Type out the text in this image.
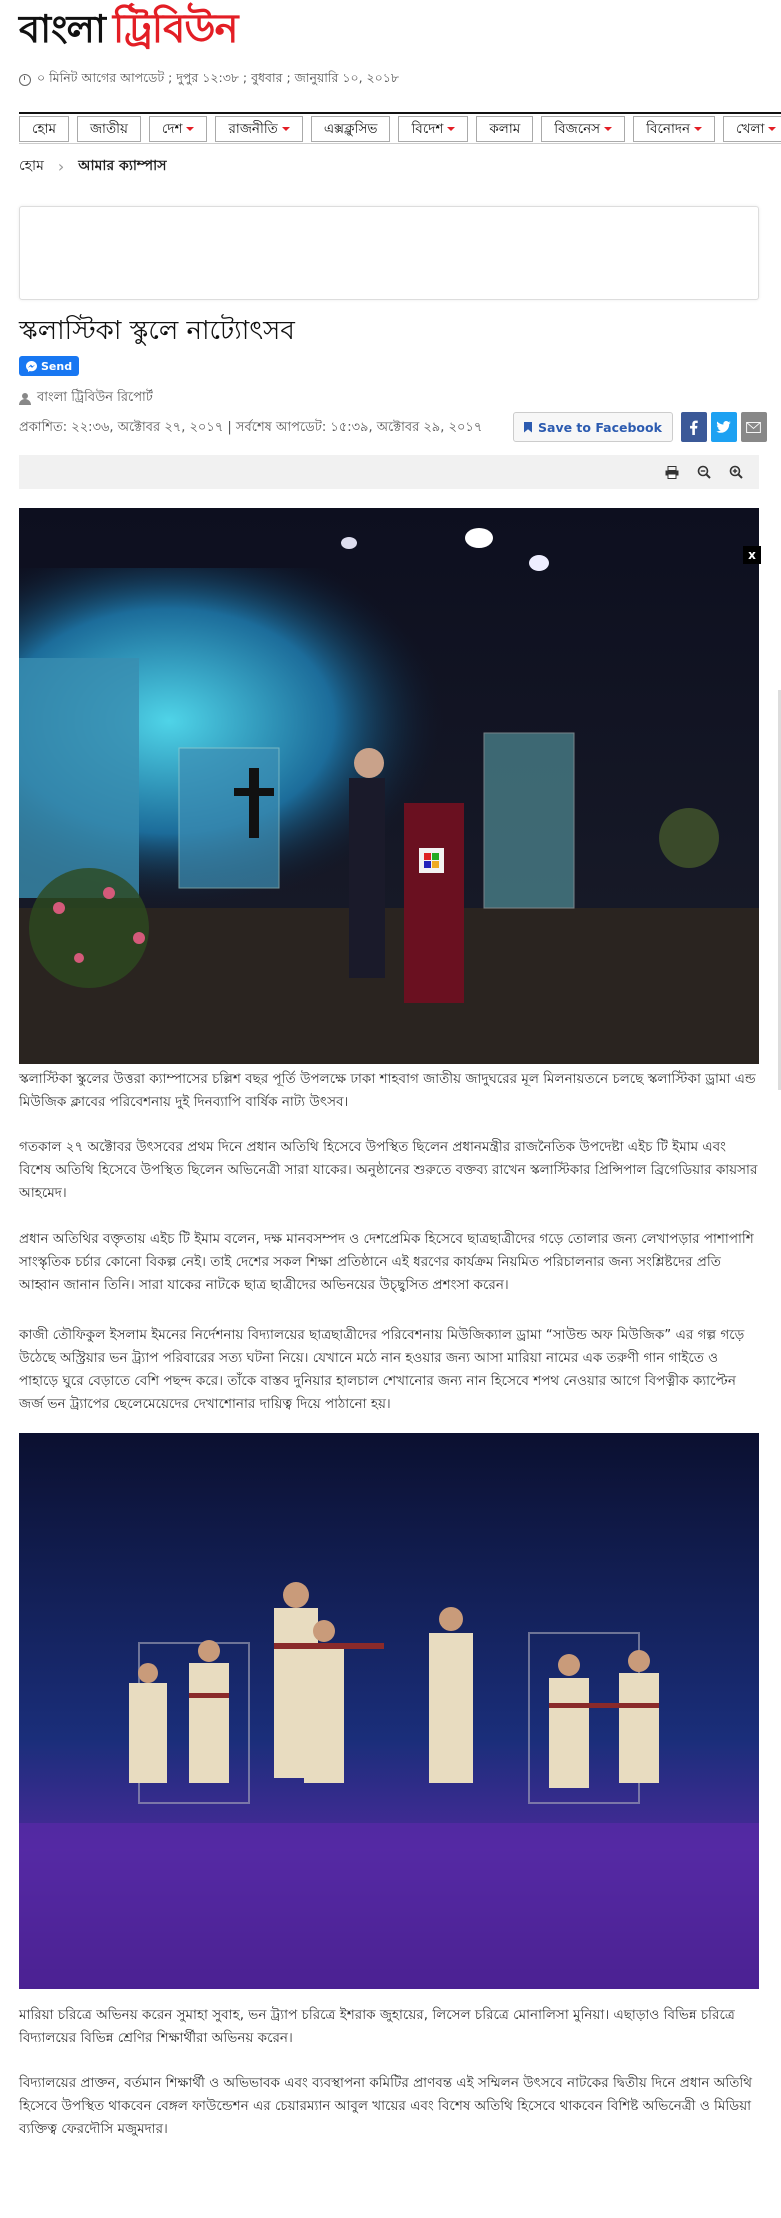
বাংলা ট্রিবিউন
০ মিনিট আগের আপডেট ; দুপুর ১২:৩৮ ; বুধবার ; জানুয়ারি ১০, ২০১৮
হোম	জাতীয়	দেশ	রাজনীতি	এক্সক্লুসিভ	বিদেশ	কলাম	বিজনেস	বিনোদন	খেলা
হোম › আমার ক্যাম্পাস
স্কলাস্টিকা স্কুলে নাট্যোৎসব
Send
বাংলা ট্রিবিউন রিপোর্ট
প্রকাশিত: ২২:৩৬, অক্টোবর ২৭, ২০১৭ | সর্বশেষ আপডেট: ১৫:৩৯, অক্টোবর ২৯, ২০১৭	Save to Facebook
x

স্কলাস্টিকা স্কুলের উত্তরা ক্যাম্পাসের চল্লিশ বছর পূর্তি উপলক্ষে ঢাকা শাহবাগ জাতীয় জাদুঘরের মূল মিলনায়তনে চলছে স্কলাস্টিকা ড্রামা এন্ড মিউজিক ক্লাবের পরিবেশনায় দুই দিনব্যাপি বার্ষিক নাট্য উৎসব।

গতকাল ২৭ অক্টোবর উৎসবের প্রথম দিনে প্রধান অতিথি হিসেবে উপস্থিত ছিলেন প্রধানমন্ত্রীর রাজনৈতিক উপদেষ্টা এইচ টি ইমাম এবং বিশেষ অতিথি হিসেবে উপস্থিত ছিলেন অভিনেত্রী সারা যাকের। অনুষ্ঠানের শুরুতে বক্তব্য রাখেন স্কলাস্টিকার প্রিন্সিপাল ব্রিগেডিয়ার কায়সার আহমেদ।

প্রধান অতিথির বক্তৃতায় এইচ টি ইমাম বলেন, দক্ষ মানবসম্পদ ও দেশপ্রেমিক হিসেবে ছাত্রছাত্রীদের গড়ে তোলার জন্য লেখাপড়ার পাশাপাশি সাংস্কৃতিক চর্চার কোনো বিকল্প নেই। তাই দেশের সকল শিক্ষা প্রতিষ্ঠানে এই ধরণের কার্যক্রম নিয়মিত পরিচালনার জন্য সংশ্লিষ্টদের প্রতি আহ্বান জানান তিনি। সারা যাকের নাটকে ছাত্র ছাত্রীদের অভিনয়ের উচ্ছ্বসিত প্রশংসা করেন।

কাজী তৌফিকুল ইসলাম ইমনের নির্দেশনায় বিদ্যালয়ের ছাত্রছাত্রীদের পরিবেশনায় মিউজিক্যাল ড্রামা “সাউন্ড অফ মিউজিক” এর গল্প গড়ে উঠেছে অস্ট্রিয়ার ভন ট্র্যাপ পরিবারের সত্য ঘটনা নিয়ে। যেখানে মঠে নান হওয়ার জন্য আসা মারিয়া নামের এক তরুণী গান গাইতে ও পাহাড়ে ঘুরে বেড়াতে বেশি পছন্দ করে। তাঁকে বাস্তব দুনিয়ার হালচাল শেখানোর জন্য নান হিসেবে শপথ নেওয়ার আগে বিপত্নীক ক্যাপ্টেন জর্জ ভন ট্র্যাপের ছেলেমেয়েদের দেখাশোনার দায়িত্ব দিয়ে পাঠানো হয়।

মারিয়া চরিত্রে অভিনয় করেন সুমাহা সুবাহ, ভন ট্র্যাপ চরিত্রে ইশরাক জুহায়ের, লিসেল চরিত্রে মোনালিসা মুনিয়া। এছাড়াও বিভিন্ন চরিত্রে বিদ্যালয়ের বিভিন্ন শ্রেণির শিক্ষার্থীরা অভিনয় করেন।

বিদ্যালয়ের প্রাক্তন, বর্তমান শিক্ষার্থী ও অভিভাবক এবং ব্যবস্থাপনা কমিটির প্রাণবন্ত এই সম্মিলন উৎসবে নাটকের দ্বিতীয় দিনে প্রধান অতিথি হিসেবে উপস্থিত থাকবেন বেঙ্গল ফাউন্ডেশন এর চেয়ারম্যান আবুল খায়ের এবং বিশেষ অতিথি হিসেবে থাকবেন বিশিষ্ট অভিনেত্রী ও মিডিয়া ব্যক্তিত্ব ফেরদৌসি মজুমদার।
